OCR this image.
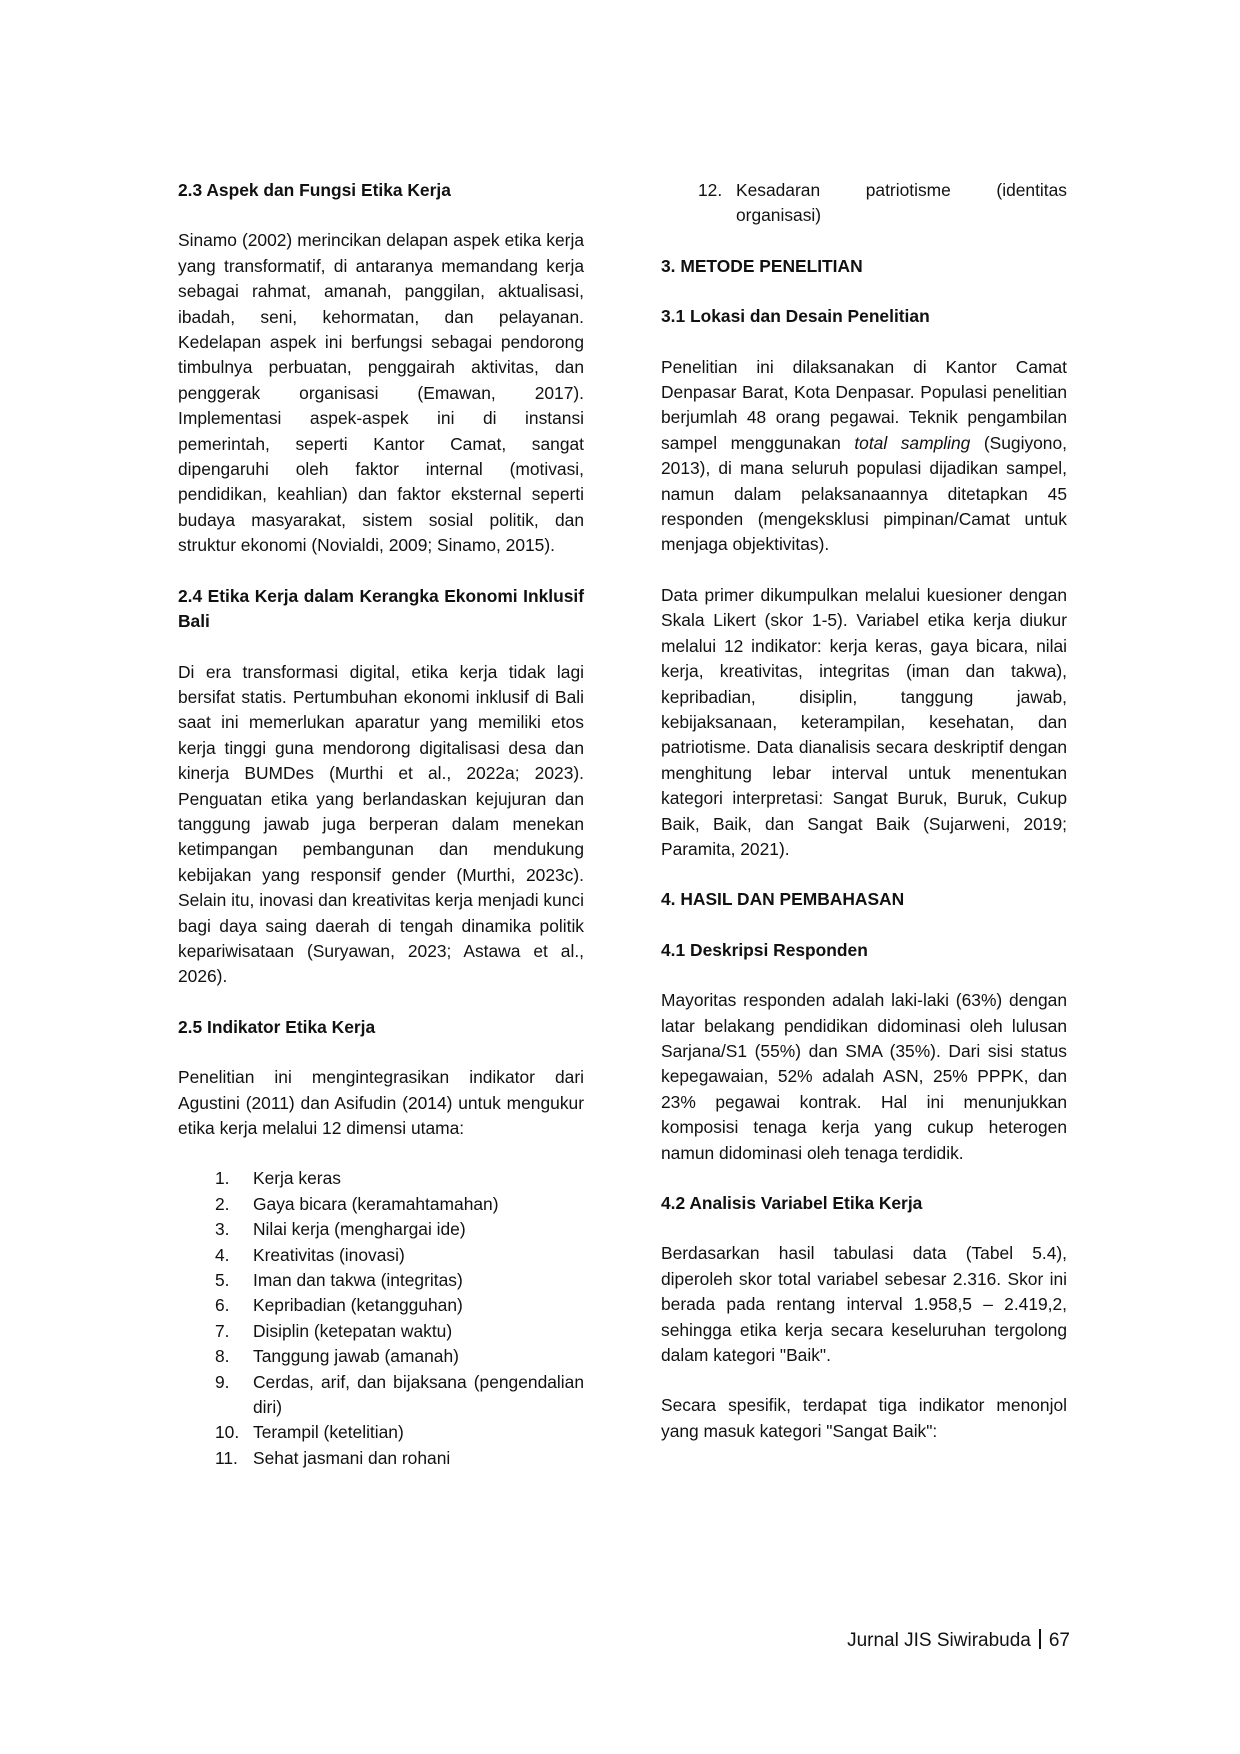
2.3 Aspek dan Fungsi Etika Kerja
Sinamo (2002) merincikan delapan aspek etika kerja yang transformatif, di antaranya memandang kerja sebagai rahmat, amanah, panggilan, aktualisasi, ibadah, seni, kehormatan, dan pelayanan. Kedelapan aspek ini berfungsi sebagai pendorong timbulnya perbuatan, penggairah aktivitas, dan penggerak organisasi (Emawan, 2017). Implementasi aspek-aspek ini di instansi pemerintah, seperti Kantor Camat, sangat dipengaruhi oleh faktor internal (motivasi, pendidikan, keahlian) dan faktor eksternal seperti budaya masyarakat, sistem sosial politik, dan struktur ekonomi (Novialdi, 2009; Sinamo, 2015).
2.4 Etika Kerja dalam Kerangka Ekonomi Inklusif Bali
Di era transformasi digital, etika kerja tidak lagi bersifat statis. Pertumbuhan ekonomi inklusif di Bali saat ini memerlukan aparatur yang memiliki etos kerja tinggi guna mendorong digitalisasi desa dan kinerja BUMDes (Murthi et al., 2022a; 2023). Penguatan etika yang berlandaskan kejujuran dan tanggung jawab juga berperan dalam menekan ketimpangan pembangunan dan mendukung kebijakan yang responsif gender (Murthi, 2023c). Selain itu, inovasi dan kreativitas kerja menjadi kunci bagi daya saing daerah di tengah dinamika politik kepariwisataan (Suryawan, 2023; Astawa et al., 2026).
2.5 Indikator Etika Kerja
Penelitian ini mengintegrasikan indikator dari Agustini (2011) dan Asifudin (2014) untuk mengukur etika kerja melalui 12 dimensi utama:
1.	Kerja keras
2.	Gaya bicara (keramahtamahan)
3.	Nilai kerja (menghargai ide)
4.	Kreativitas (inovasi)
5.	Iman dan takwa (integritas)
6.	Kepribadian (ketangguhan)
7.	Disiplin (ketepatan waktu)
8.	Tanggung jawab (amanah)
9.	Cerdas, arif, dan bijaksana (pengendalian diri)
10. Terampil (ketelitian)
11. Sehat jasmani dan rohani
12. Kesadaran patriotisme (identitas organisasi)
3. METODE PENELITIAN
3.1 Lokasi dan Desain Penelitian
Penelitian ini dilaksanakan di Kantor Camat Denpasar Barat, Kota Denpasar. Populasi penelitian berjumlah 48 orang pegawai. Teknik pengambilan sampel menggunakan total sampling (Sugiyono, 2013), di mana seluruh populasi dijadikan sampel, namun dalam pelaksanaannya ditetapkan 45 responden (mengeksklusi pimpinan/Camat untuk menjaga objektivitas).
Data primer dikumpulkan melalui kuesioner dengan Skala Likert (skor 1-5). Variabel etika kerja diukur melalui 12 indikator: kerja keras, gaya bicara, nilai kerja, kreativitas, integritas (iman dan takwa), kepribadian, disiplin, tanggung jawab, kebijaksanaan, keterampilan, kesehatan, dan patriotisme. Data dianalisis secara deskriptif dengan menghitung lebar interval untuk menentukan kategori interpretasi: Sangat Buruk, Buruk, Cukup Baik, Baik, dan Sangat Baik (Sujarweni, 2019; Paramita, 2021).
4. HASIL DAN PEMBAHASAN
4.1 Deskripsi Responden
Mayoritas responden adalah laki-laki (63%) dengan latar belakang pendidikan didominasi oleh lulusan Sarjana/S1 (55%) dan SMA (35%). Dari sisi status kepegawaian, 52% adalah ASN, 25% PPPK, dan 23% pegawai kontrak. Hal ini menunjukkan komposisi tenaga kerja yang cukup heterogen namun didominasi oleh tenaga terdidik.
4.2 Analisis Variabel Etika Kerja
Berdasarkan hasil tabulasi data (Tabel 5.4), diperoleh skor total variabel sebesar 2.316. Skor ini berada pada rentang interval 1.958,5 – 2.419,2, sehingga etika kerja secara keseluruhan tergolong dalam kategori "Baik".
Secara spesifik, terdapat tiga indikator menonjol yang masuk kategori "Sangat Baik":
Jurnal JIS Siwirabuda 67
